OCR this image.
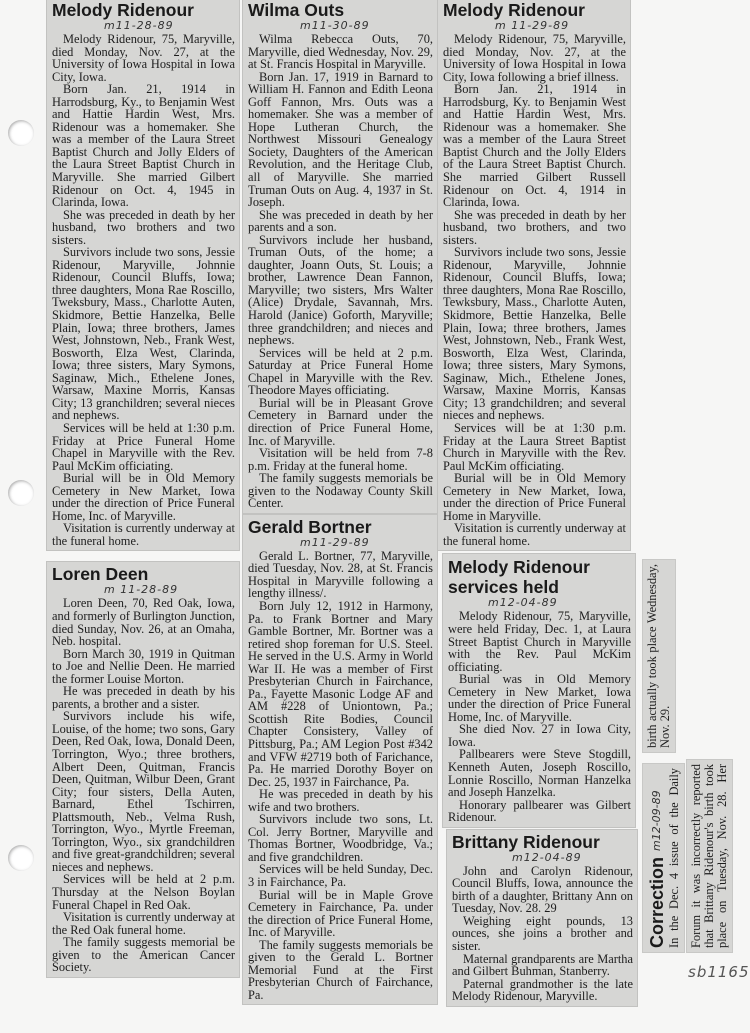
Melody Ridenour
m11-28-89

Melody Ridenour, 75, Maryville, died Monday, Nov. 27, at the University of Iowa Hospital in Iowa City, Iowa.

Born Jan. 21, 1914 in Harrodsburg, Ky., to Benjamin West and Hattie Hardin West, Mrs. Ridenour was a homemaker. She was a member of the Laura Street Baptist Church and Jolly Elders of the Laura Street Baptist Church in Maryville. She married Gilbert Ridenour on Oct. 4, 1945 in Clarinda, Iowa.

She was preceded in death by her husband, two brothers and two sisters.

Survivors include two sons, Jessie Ridenour, Maryville, Johnnie Ridenour, Council Bluffs, Iowa; three daughters, Mona Rae Roscillo, Tweksbury, Mass., Charlotte Auten, Skidmore, Bettie Hanzelka, Belle Plain, Iowa; three brothers, James West, Johnstown, Neb., Frank West, Bosworth, Elza West, Clarinda, Iowa; three sisters, Mary Symons, Saginaw, Mich., Ethelene Jones, Warsaw, Maxine Morris, Kansas City; 13 granchildren; several nieces and nephews.

Services will be held at 1:30 p.m. Friday at Price Funeral Home Chapel in Maryville with the Rev. Paul McKim officiating.

Burial will be in Old Memory Cemetery in New Market, Iowa under the direction of Price Funeral Home, Inc. of Maryville.

Visitation is currently underway at the funeral home.

Loren Deen
m 11-28-89

Loren Deen, 70, Red Oak, Iowa, and formerly of Burlington Junction, died Sunday, Nov. 26, at an Omaha, Neb. hospital.

Born March 30, 1919 in Quitman to Joe and Nellie Deen. He married the former Louise Morton.

He was preceded in death by his parents, a brother and a sister.

Survivors include his wife, Louise, of the home; two sons, Gary Deen, Red Oak, Iowa, Donald Deen, Torrington, Wyo.; three brothers, Albert Deen, Quitman, Francis Deen, Quitman, Wilbur Deen, Grant City; four sisters, Della Auten, Barnard, Ethel Tschirren, Plattsmouth, Neb., Velma Rush, Torrington, Wyo., Myrtle Freeman, Torrington, Wyo., six grandchildren and five great-grandchildren; several nieces and nephews.

Services will be held at 2 p.m. Thursday at the Nelson Boylan Funeral Chapel in Red Oak.

Visitation is currently underway at the Red Oak funeral home.

The family suggests memorial be given to the American Cancer Society.

Wilma Outs
m11-30-89

Wilma Rebecca Outs, 70, Maryville, died Wednesday, Nov. 29, at St. Francis Hospital in Maryville.

Born Jan. 17, 1919 in Barnard to William H. Fannon and Edith Leona Goff Fannon, Mrs. Outs was a homemaker. She was a member of Hope Lutheran Church, the Northwest Missouri Genealogy Society, Daughters of the American Revolution, and the Heritage Club, all of Maryville. She married Truman Outs on Aug. 4, 1937 in St. Joseph.

She was preceded in death by her parents and a son.

Survivors include her husband, Truman Outs, of the home; a daughter, Joann Outs, St. Louis; a brother, Lawrence Dean Fannon, Maryville; two sisters, Mrs Walter (Alice) Drydale, Savannah, Mrs. Harold (Janice) Goforth, Maryville; three grandchildren; and nieces and nephews.

Services will be held at 2 p.m. Saturday at Price Funeral Home Chapel in Maryville with the Rev. Theodore Mayes officiating.

Burial will be in Pleasant Grove Cemetery in Barnard under the direction of Price Funeral Home, Inc. of Maryville.

Visitation will be held from 7-8 p.m. Friday at the funeral home.

The family suggests memorials be given to the Nodaway County Skill Center.

Gerald Bortner
m11-29-89

Gerald L. Bortner, 77, Maryville, died Tuesday, Nov. 28, at St. Francis Hospital in Maryville following a lengthy illness/.

Born July 12, 1912 in Harmony, Pa. to Frank Bortner and Mary Gamble Bortner, Mr. Bortner was a retired shop foreman for U.S. Steel. He served in the U.S. Army in World War II. He was a member of First Presbyterian Church in Fairchance, Pa., Fayette Masonic Lodge AF and AM #228 of Uniontown, Pa.; Scottish Rite Bodies, Council Chapter Consistery, Valley of Pittsburg, Pa.; AM Legion Post #342 and VFW #2719 both of Farichance, Pa. He married Dorothy Boyer on Dec. 25, 1937 in Fairchance, Pa.

He was preceded in death by his wife and two brothers.

Survivors include two sons, Lt. Col. Jerry Bortner, Maryville and Thomas Bortner, Woodbridge, Va.; and five grandchildren.

Services will be held Sunday, Dec. 3 in Fairchance, Pa.

Burial will be in Maple Grove Cemetery in Fairchance, Pa. under the direction of Price Funeral Home, Inc. of Maryville.

The family suggests memorials be given to the Gerald L. Bortner Memorial Fund at the First Presbyterian Church of Fairchance, Pa.

Melody Ridenour
m 11-29-89

Melody Ridenour, 75, Maryville, died Monday, Nov. 27, at the University of Iowa Hospital in Iowa City, Iowa following a brief illness.

Born Jan. 21, 1914 in Harrodsburg, Ky. to Benjamin West and Hattie Hardin West, Mrs. Ridenour was a homemaker. She was a member of the Laura Street Baptist Church and the Jolly Elders of the Laura Street Baptist Church. She married Gilbert Russell Ridenour on Oct. 4, 1914 in Clarinda, Iowa.

She was preceded in death by her husband, two brothers, and two sisters.

Survivors include two sons, Jessie Ridenour, Maryville, Johnnie Ridenour, Council Bluffs, Iowa; three daughters, Mona Rae Roscillo, Tewksbury, Mass., Charlotte Auten, Skidmore, Bettie Hanzelka, Belle Plain, Iowa; three brothers, James West, Johnstown, Neb., Frank West, Bosworth, Elza West, Clarinda, Iowa; three sisters, Mary Symons, Saginaw, Mich., Ethelene Jones, Warsaw, Maxine Morris, Kansas City; 13 grandchildren; and several nieces and nephews.

Services will be at 1:30 p.m. Friday at the Laura Street Baptist Church in Maryville with the Rev. Paul McKim officiating.

Burial will be in Old Memory Cemetery in New Market, Iowa, under the direction of Price Funeral Home in Maryville.

Visitation is currently underway at the funeral home.

Melody Ridenour
services held
m12-04-89

Melody Ridenour, 75, Maryville, were held Friday, Dec. 1, at Laura Street Baptist Church in Maryville with the Rev. Paul McKim officiating.

Burial was in Old Memory Cemetery in New Market, Iowa under the direction of Price Funeral Home, Inc. of Maryville.

She died Nov. 27 in Iowa City, Iowa.

Pallbearers were Steve Stogdill, Kenneth Auten, Joseph Roscillo, Lonnie Roscillo, Norman Hanzelka and Joseph Hanzelka.

Honorary pallbearer was Gilbert Ridenour.

Brittany Ridenour
m12-04-89

John and Carolyn Ridenour, Council Bluffs, Iowa, announce the birth of a daughter, Brittany Ann on Tuesday, Nov. 28. 29

Weighing eight pounds, 13 ounces, she joins a brother and sister.

Maternal grandparents are Martha and Gilbert Buhman, Stanberry.

Paternal grandmother is the late Melody Ridenour, Maryville.

birth actually took place Wednesday, Nov. 29.
Correctionm12-09-89 In the Dec. 4 issue of the Daily Forum it was incorrectly reported that Brittany Ridenour's birth took place on Tuesday, Nov. 28. Her
sb1165
